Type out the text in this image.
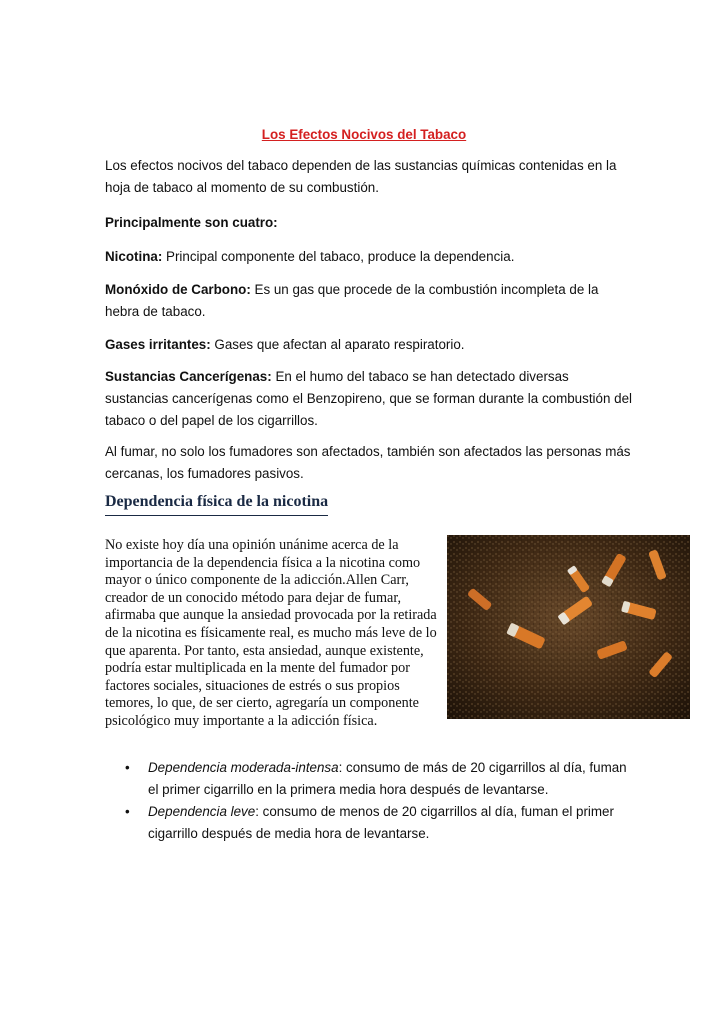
Los Efectos Nocivos del Tabaco

Los efectos nocivos del tabaco dependen de las sustancias químicas contenidas en la hoja de tabaco al momento de su combustión.

Principalmente son cuatro:

Nicotina: Principal componente del tabaco, produce la dependencia.

Monóxido de Carbono: Es un gas que procede de la combustión incompleta de la hebra de tabaco.

Gases irritantes: Gases que afectan al aparato respiratorio.

Sustancias Cancerígenas: En el humo del tabaco se han detectado diversas sustancias cancerígenas como el Benzopireno, que se forman durante la combustión del tabaco o del papel de los cigarrillos.

Al fumar, no solo los fumadores son afectados, también son afectados las personas más cercanas, los fumadores pasivos.

Dependencia física de la nicotina

No existe hoy día una opinión unánime acerca de la importancia de la dependencia física a la nicotina como mayor o único componente de la adicción.Allen Carr, creador de un conocido método para dejar de fumar, afirmaba que aunque la ansiedad provocada por la retirada de la nicotina es físicamente real, es mucho más leve de lo que aparenta. Por tanto, esta ansiedad, aunque existente, podría estar multiplicada en la mente del fumador por factores sociales, situaciones de estrés o sus propios temores, lo que, de ser cierto, agregaría un componente psicológico muy importante a la adicción física.

• Dependencia moderada-intensa: consumo de más de 20 cigarrillos al día, fuman el primer cigarrillo en la primera media hora después de levantarse.
• Dependencia leve: consumo de menos de 20 cigarrillos al día, fuman el primer cigarrillo después de media hora de levantarse.
